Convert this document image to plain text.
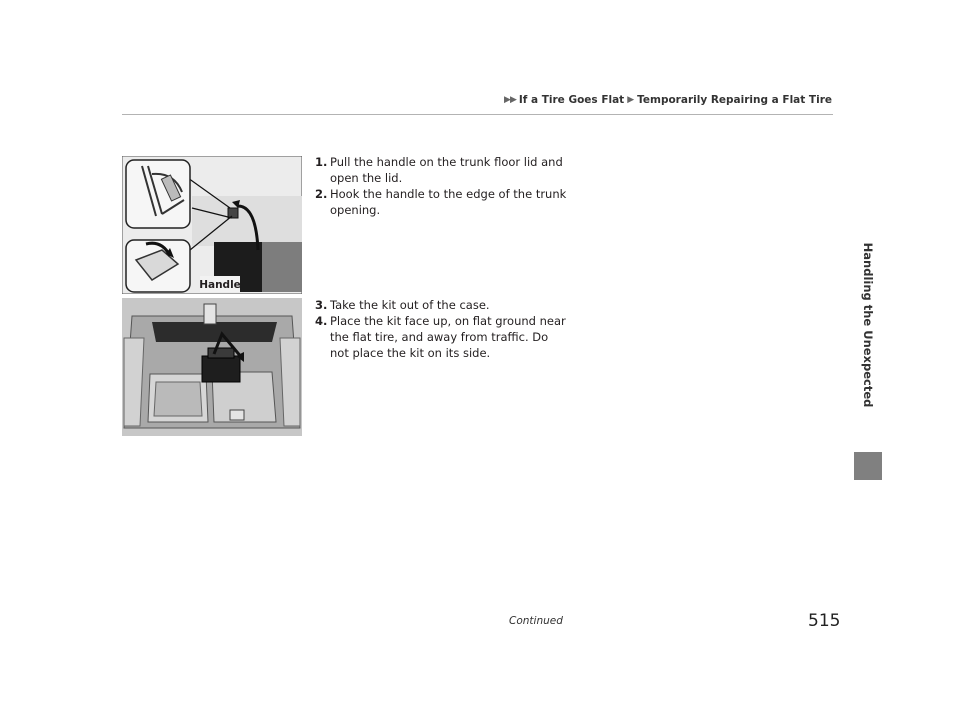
▶▶ If a Tire Goes Flat ▶ Temporarily Repairing a Flat Tire
Handling the Unexpected
Handle
1. Pull the handle on the trunk floor lid and open the lid.
2. Hook the handle to the edge of the trunk opening.
3. Take the kit out of the case.
4. Place the kit face up, on flat ground near the flat tire, and away from traffic. Do not place the kit on its side.
Continued	515
